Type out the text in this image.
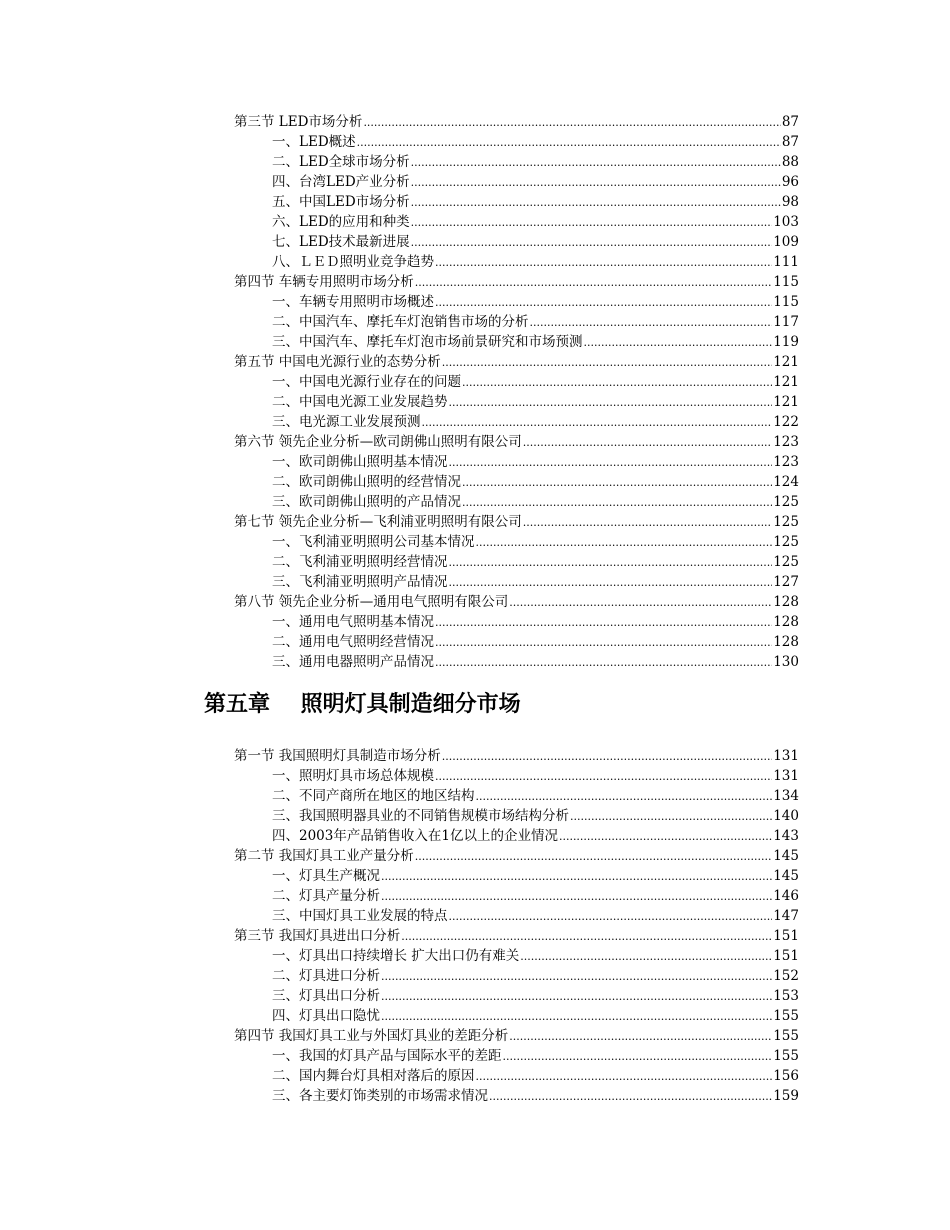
第三节 LED市场分析 .....	87
一、LED概述 .....	87
二、LED全球市场分析 .....	88
四、台湾LED产业分析 .....	96
五、中国LED市场分析 .....	98
六、LED的应用和种类 .....	103
七、LED技术最新进展 .....	109
八、ＬＥＤ照明业竞争趋势 .....	111
第四节 车辆专用照明市场分析 .....	115
一、车辆专用照明市场概述 .....	115
二、中国汽车、摩托车灯泡销售市场的分析 .....	117
三、中国汽车、摩托车灯泡市场前景研究和市场预测 .....	119
第五节 中国电光源行业的态势分析 .....	121
一、中国电光源行业存在的问题 .....	121
二、中国电光源工业发展趋势 .....	121
三、电光源工业发展预测 .....	122
第六节 领先企业分析—欧司朗佛山照明有限公司 .....	123
一、欧司朗佛山照明基本情况 .....	123
二、欧司朗佛山照明的经营情况 .....	124
三、欧司朗佛山照明的产品情况 .....	125
第七节 领先企业分析—飞利浦亚明照明有限公司 .....	125
一、飞利浦亚明照明公司基本情况 .....	125
二、飞利浦亚明照明经营情况 .....	125
三、飞利浦亚明照明产品情况 .....	127
第八节 领先企业分析—通用电气照明有限公司 .....	128
一、通用电气照明基本情况 .....	128
二、通用电气照明经营情况 .....	128
三、通用电器照明产品情况 .....	130
第五章    照明灯具制造细分市场
第一节 我国照明灯具制造市场分析 .....	131
一、照明灯具市场总体规模 .....	131
二、不同产商所在地区的地区结构 .....	134
三、我国照明器具业的不同销售规模市场结构分析 .....	140
四、2003年产品销售收入在1亿以上的企业情况 .....	143
第二节 我国灯具工业产量分析 .....	145
一、灯具生产概况 .....	145
二、灯具产量分析 .....	146
三、中国灯具工业发展的特点 .....	147
第三节 我国灯具进出口分析 .....	151
一、灯具出口持续增长 扩大出口仍有难关 .....	151
二、灯具进口分析 .....	152
三、灯具出口分析 .....	153
四、灯具出口隐忧 .....	155
第四节 我国灯具工业与外国灯具业的差距分析 .....	155
一、我国的灯具产品与国际水平的差距 .....	155
二、国内舞台灯具相对落后的原因 .....	156
三、各主要灯饰类别的市场需求情况 .....	159
